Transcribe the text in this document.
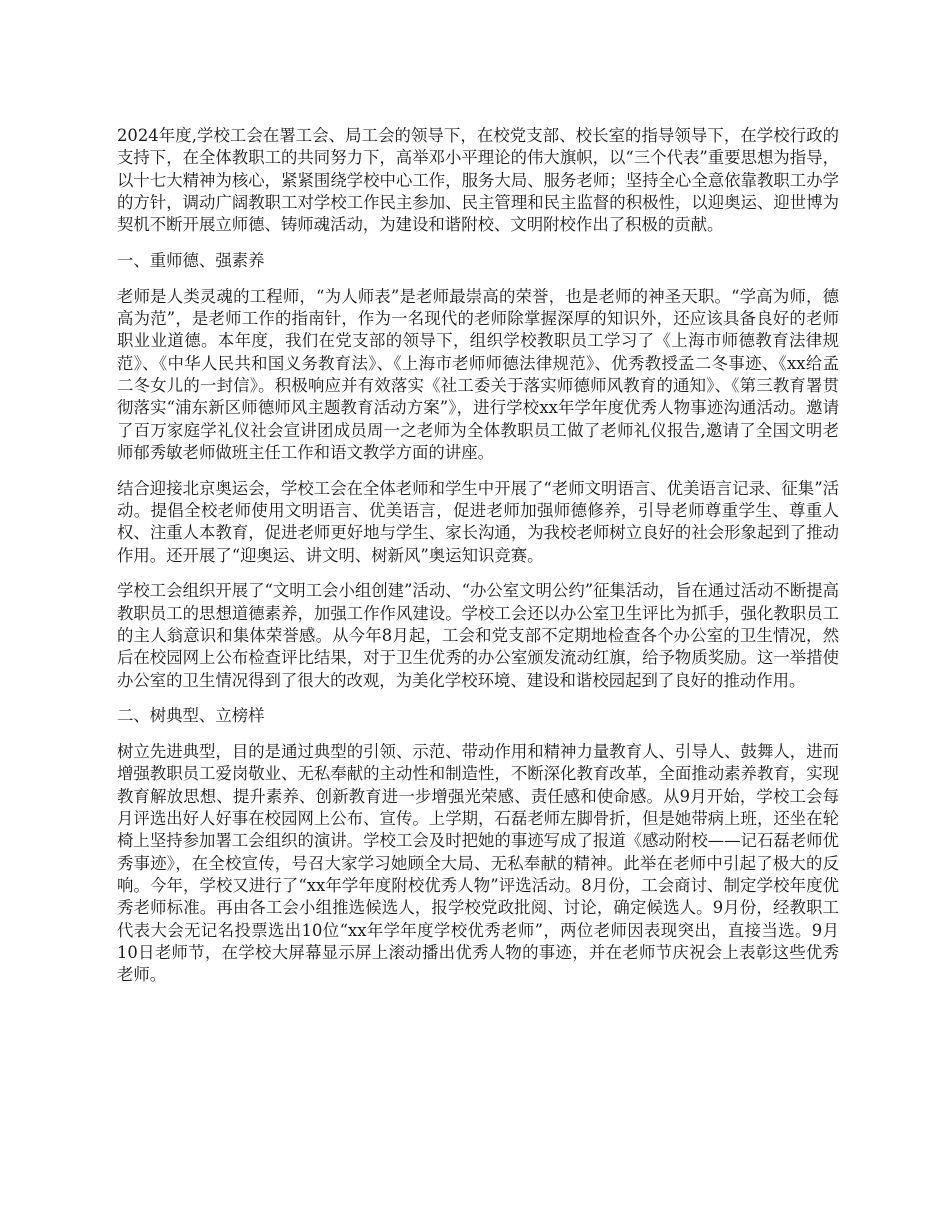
2024年度,学校工会在署工会、局工会的领导下，在校党支部、校长室的指导领导下，在学校行政的支持下，在全体教职工的共同努力下，高举邓小平理论的伟大旗帜，以“三个代表”重要思想为指导，以十七大精神为核心，紧紧围绕学校中心工作，服务大局、服务老师；坚持全心全意依靠教职工办学的方针，调动广阔教职工对学校工作民主参加、民主管理和民主监督的积极性，以迎奥运、迎世博为契机不断开展立师德、铸师魂活动，为建设和谐附校、文明附校作出了积极的贡献。

一、重师德、强素养

老师是人类灵魂的工程师，“为人师表”是老师最崇高的荣誉，也是老师的神圣天职。“学高为师，德高为范”，是老师工作的指南针，作为一名现代的老师除掌握深厚的知识外，还应该具备良好的老师职业业道德。本年度，我们在党支部的领导下，组织学校教职员工学习了《上海市师德教育法律规范》、《中华人民共和国义务教育法》、《上海市老师师德法律规范》、优秀教授孟二冬事迹、《xx给孟二冬女儿的一封信》。积极响应并有效落实《社工委关于落实师德师风教育的通知》、《第三教育署贯彻落实“浦东新区师德师风主题教育活动方案”》，进行学校xx年学年度优秀人物事迹沟通活动。邀请了百万家庭学礼仪社会宣讲团成员周一之老师为全体教职员工做了老师礼仪报告,邀请了全国文明老师郁秀敏老师做班主任工作和语文教学方面的讲座。

结合迎接北京奥运会，学校工会在全体老师和学生中开展了“老师文明语言、优美语言记录、征集”活动。提倡全校老师使用文明语言、优美语言，促进老师加强师德修养，引导老师尊重学生、尊重人权、注重人本教育，促进老师更好地与学生、家长沟通，为我校老师树立良好的社会形象起到了推动作用。还开展了“迎奥运、讲文明、树新风”奥运知识竞赛。

学校工会组织开展了“文明工会小组创建”活动、“办公室文明公约”征集活动，旨在通过活动不断提高教职员工的思想道德素养，加强工作作风建设。学校工会还以办公室卫生评比为抓手，强化教职员工的主人翁意识和集体荣誉感。从今年8月起，工会和党支部不定期地检查各个办公室的卫生情况，然后在校园网上公布检查评比结果，对于卫生优秀的办公室颁发流动红旗，给予物质奖励。这一举措使办公室的卫生情况得到了很大的改观，为美化学校环境、建设和谐校园起到了良好的推动作用。

二、树典型、立榜样

树立先进典型，目的是通过典型的引领、示范、带动作用和精神力量教育人、引导人、鼓舞人，进而增强教职员工爱岗敬业、无私奉献的主动性和制造性，不断深化教育改革，全面推动素养教育，实现教育解放思想、提升素养、创新教育进一步增强光荣感、责任感和使命感。从9月开始，学校工会每月评选出好人好事在校园网上公布、宣传。上学期，石磊老师左脚骨折，但是她带病上班，还坐在轮椅上坚持参加署工会组织的演讲。学校工会及时把她的事迹写成了报道《感动附校——记石磊老师优秀事迹》，在全校宣传，号召大家学习她顾全大局、无私奉献的精神。此举在老师中引起了极大的反响。今年，学校又进行了“xx年学年度附校优秀人物”评选活动。8月份，工会商讨、制定学校年度优秀老师标准。再由各工会小组推选候选人，报学校党政批阅、讨论，确定候选人。9月份，经教职工代表大会无记名投票选出10位“xx年学年度学校优秀老师”，两位老师因表现突出，直接当选。9月10日老师节，在学校大屏幕显示屏上滚动播出优秀人物的事迹，并在老师节庆祝会上表彰这些优秀老师。
